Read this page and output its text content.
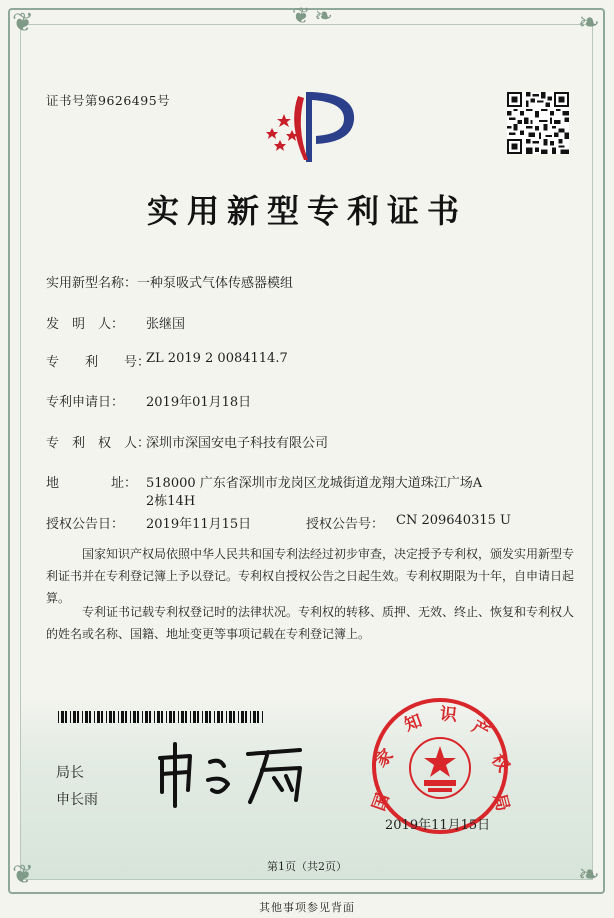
❦❧
❦	❧
❦	❧
证书号第9626495号
实用新型专利证书
实用新型名称：一种泵吸式气体传感器模组
发　明　人： 张继国
专　　利　　号：
ZL 2019 2 0084114.7
专利申请日： 2019年01月18日
专　利　权　人：
深圳市深国安电子科技有限公司
地　　　　址： 518000 广东省深圳市龙岗区龙城街道龙翔大道珠江广场A
2栋14H
授权公告日： 2019年11月15日	授权公告号： CN 209640315 U
国家知识产权局依照中华人民共和国专利法经过初步审查，决定授予专利权，颁发实用新型专利证书并在专利登记簿上予以登记。专利权自授权公告之日起生效。专利权期限为十年，自申请日起算。
专利证书记载专利权登记时的法律状况。专利权的转移、质押、无效、终止、恢复和专利权人的姓名或名称、国籍、地址变更等事项记载在专利登记簿上。
局长
申长雨	国
家
知 识
产
权
局
2019年11月15日
第1页（共2页）
其他事项参见背面
